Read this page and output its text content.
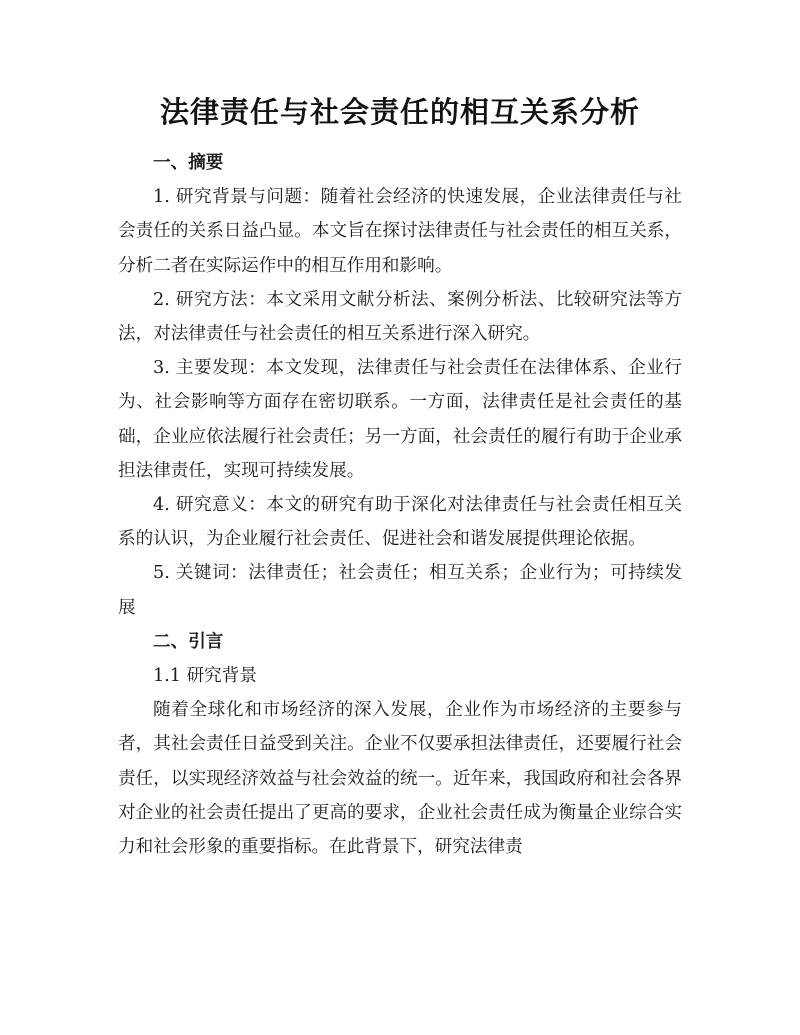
法律责任与社会责任的相互关系分析

一、摘要

1. 研究背景与问题：随着社会经济的快速发展，企业法律责任与社会责任的关系日益凸显。本文旨在探讨法律责任与社会责任的相互关系，分析二者在实际运作中的相互作用和影响。

2. 研究方法：本文采用文献分析法、案例分析法、比较研究法等方法，对法律责任与社会责任的相互关系进行深入研究。

3. 主要发现：本文发现，法律责任与社会责任在法律体系、企业行为、社会影响等方面存在密切联系。一方面，法律责任是社会责任的基础，企业应依法履行社会责任；另一方面，社会责任的履行有助于企业承担法律责任，实现可持续发展。

4. 研究意义：本文的研究有助于深化对法律责任与社会责任相互关系的认识，为企业履行社会责任、促进社会和谐发展提供理论依据。

5. 关键词：法律责任；社会责任；相互关系；企业行为；可持续发展

二、引言

1.1 研究背景

随着全球化和市场经济的深入发展，企业作为市场经济的主要参与者，其社会责任日益受到关注。企业不仅要承担法律责任，还要履行社会责任，以实现经济效益与社会效益的统一。近年来，我国政府和社会各界对企业的社会责任提出了更高的要求，企业社会责任成为衡量企业综合实力和社会形象的重要指标。在此背景下，研究法律责
